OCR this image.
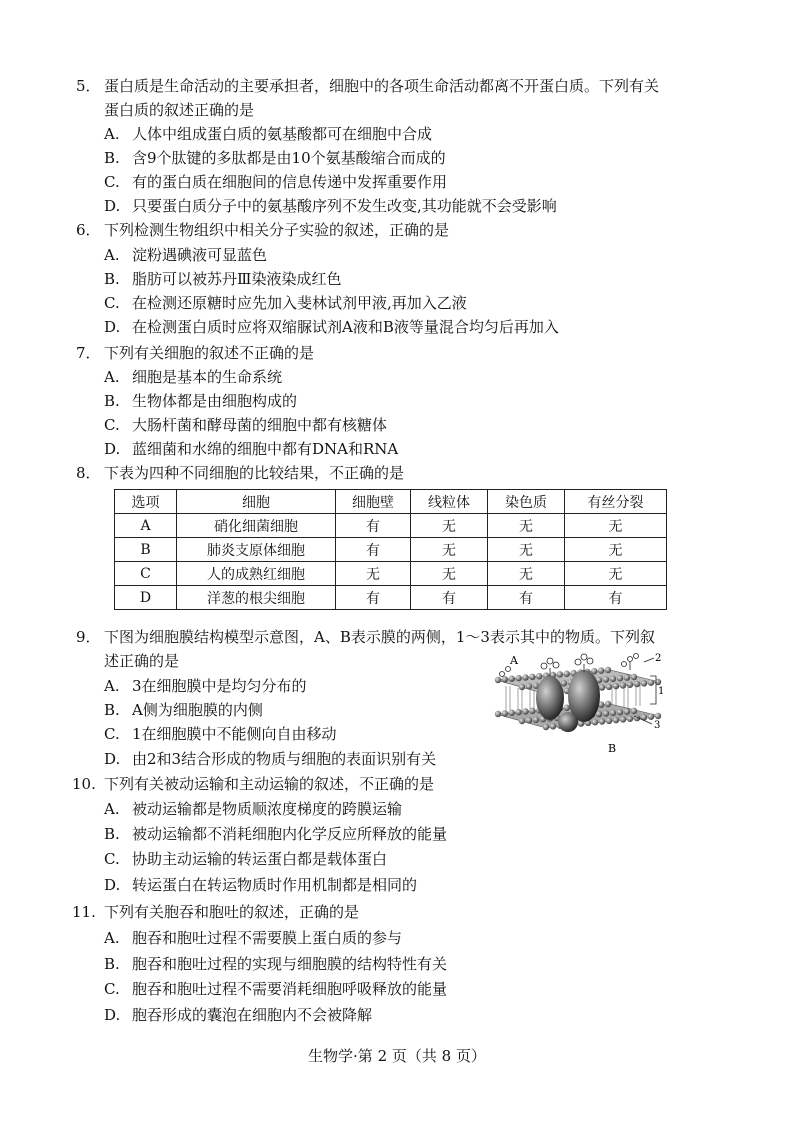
5． 蛋白质是生命活动的主要承担者，细胞中的各项生命活动都离不开蛋白质。下列有关
蛋白质的叙述正确的是
A. 人体中组成蛋白质的氨基酸都可在细胞中合成
B. 含9个肽键的多肽都是由10个氨基酸缩合而成的
C. 有的蛋白质在细胞间的信息传递中发挥重要作用
D. 只要蛋白质分子中的氨基酸序列不发生改变,其功能就不会受影响
6． 下列检测生物组织中相关分子实验的叙述，正确的是
A. 淀粉遇碘液可显蓝色
B. 脂肪可以被苏丹Ⅲ染液染成红色
C. 在检测还原糖时应先加入斐林试剂甲液,再加入乙液
D. 在检测蛋白质时应将双缩脲试剂A液和B液等量混合均匀后再加入
7． 下列有关细胞的叙述不正确的是
A. 细胞是基本的生命系统
B. 生物体都是由细胞构成的
C. 大肠杆菌和酵母菌的细胞中都有核糖体
D. 蓝细菌和水绵的细胞中都有DNA和RNA
8． 下表为四种不同细胞的比较结果，不正确的是
选项	细胞	细胞壁	线粒体	染色质	有丝分裂
A	硝化细菌细胞	有	无	无	无
B	肺炎支原体细胞	有	无	无	无
C	人的成熟红细胞	无	无	无	无
D	洋葱的根尖细胞	有	有	有	有
9． 下图为细胞膜结构模型示意图，A、B表示膜的两侧，1～3表示其中的物质。下列叙
述正确的是
A. 3在细胞膜中是均匀分布的
B. A侧为细胞膜的内侧
C. 1在细胞膜中不能侧向自由移动
D. 由2和3结合形成的物质与细胞的表面识别有关
A
B
2
1
3
10. 下列有关被动运输和主动运输的叙述，不正确的是
A. 被动运输都是物质顺浓度梯度的跨膜运输
B. 被动运输都不消耗细胞内化学反应所释放的能量
C. 协助主动运输的转运蛋白都是载体蛋白
D. 转运蛋白在转运物质时作用机制都是相同的
11. 下列有关胞吞和胞吐的叙述，正确的是
A. 胞吞和胞吐过程不需要膜上蛋白质的参与
B. 胞吞和胞吐过程的实现与细胞膜的结构特性有关
C. 胞吞和胞吐过程不需要消耗细胞呼吸释放的能量
D. 胞吞形成的囊泡在细胞内不会被降解
生物学·第 2 页（共 8 页）
